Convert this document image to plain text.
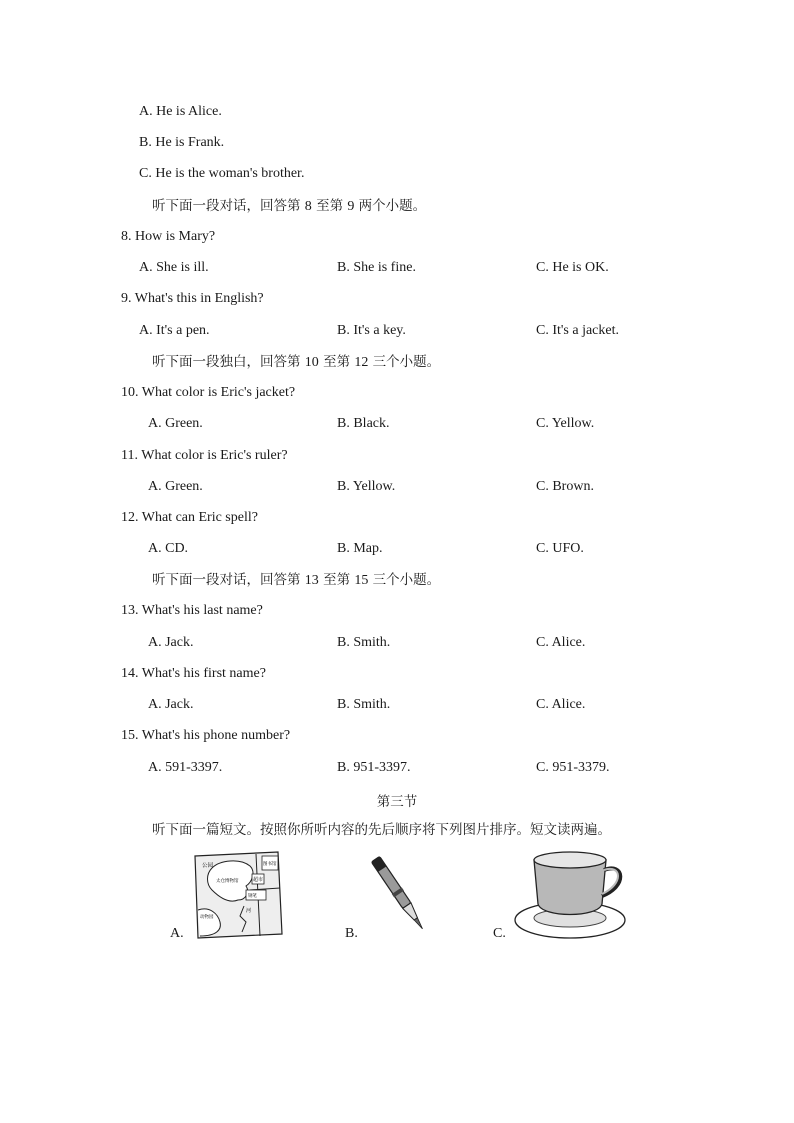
A. He is Alice.
B. He is Frank.
C. He is the woman's brother.
听下面一段对话，回答第 8 至第 9 两个小题。
8. How is Mary?
A. She is ill.	B. She is fine.	C. He is OK.
9. What's this in English?
A. It's a pen.	B. It's a key.	C. It's a jacket.
听下面一段独白，回答第 10 至第 12 三个小题。
10. What color is Eric's jacket?
A. Green.	B. Black.	C. Yellow.
11. What color is Eric's ruler?
A. Green.	B. Yellow.	C. Brown.
12. What can Eric spell?
A. CD.	B. Map.	C. UFO.
听下面一段对话，回答第 13 至第 15 三个小题。
13. What's his last name?
A. Jack.	B. Smith.	C. Alice.
14. What's his first name?
A. Jack.	B. Smith.	C. Alice.
15. What's his phone number?
A. 591-3397.	B. 951-3397.	C. 951-3379.
第三节
听下面一篇短文。按照你所听内容的先后顺序将下列图片排序。短文读两遍。
A.
公园
超市
图书馆
太仓博物馆
钢笔
动物园
河
B.	C.
